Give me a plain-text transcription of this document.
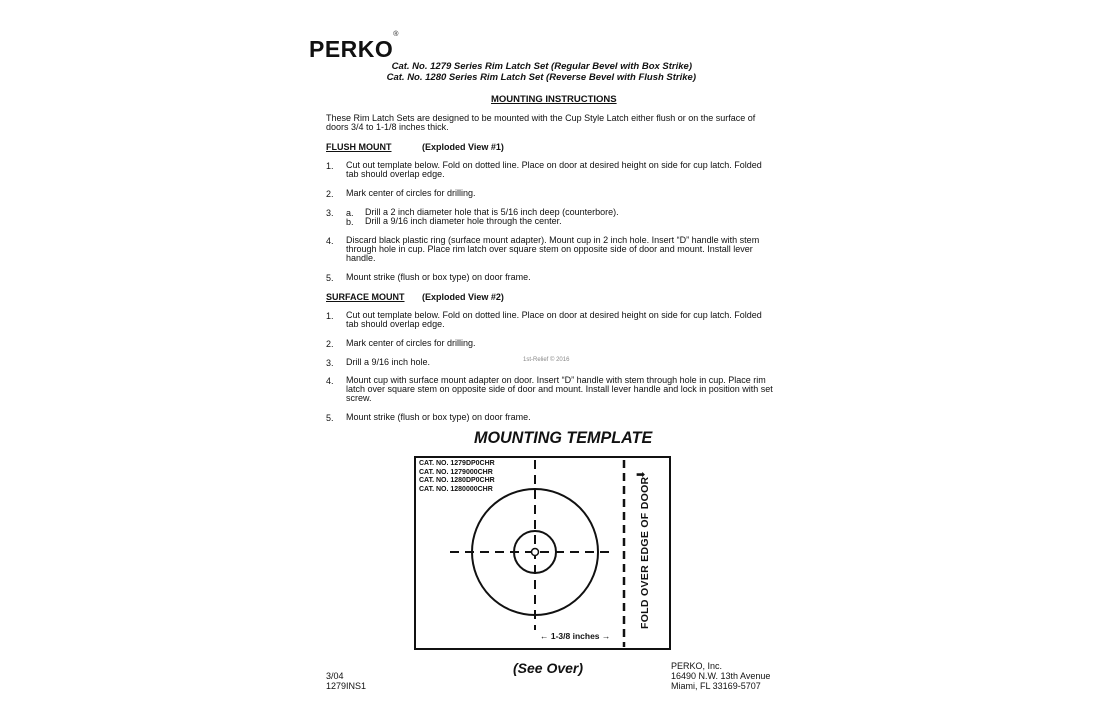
PERKO®
Cat. No. 1279 Series Rim Latch Set (Regular Bevel with Box Strike)
Cat. No. 1280 Series Rim Latch Set (Reverse Bevel with Flush Strike)
MOUNTING INSTRUCTIONS
These Rim Latch Sets are designed to be mounted with the Cup Style Latch either flush or on the surface of doors 3/4 to 1-1/8 inches thick.
FLUSH MOUNT	(Exploded View #1)
1. Cut out template below. Fold on dotted line. Place on door at desired height on side for cup latch. Folded tab should overlap edge.
2. Mark center of circles for drilling.
3. a. Drill a 2 inch diameter hole that is 5/16 inch deep (counterbore).
b. Drill a 9/16 inch diameter hole through the center.
4. Discard black plastic ring (surface mount adapter). Mount cup in 2 inch hole. Insert “D” handle with stem through hole in cup. Place rim latch over square stem on opposite side of door and mount. Install lever handle.
5. Mount strike (flush or box type) on door frame.
SURFACE MOUNT (Exploded View #2)
1. Cut out template below. Fold on dotted line. Place on door at desired height on side for cup latch. Folded tab should overlap edge.
2. Mark center of circles for drilling.
1st-Relief © 2016
3. Drill a 9/16 inch hole.
4. Mount cup with surface mount adapter on door. Insert “D” handle with stem through hole in cup. Place rim latch over square stem on opposite side of door and mount. Install lever handle and lock in position with set screw.
5. Mount strike (flush or box type) on door frame.
MOUNTING TEMPLATE
CAT. NO. 1279DP0CHR
CAT. NO. 1279000CHR
CAT. NO. 1280DP0CHR
CAT. NO. 1280000CHR
← 1-3/8 inches →
➡
FOLD OVER EDGE OF DOOR
(See Over)
3/04
1279INS1
PERKO, Inc.
16490 N.W. 13th Avenue
Miami, FL 33169-5707
